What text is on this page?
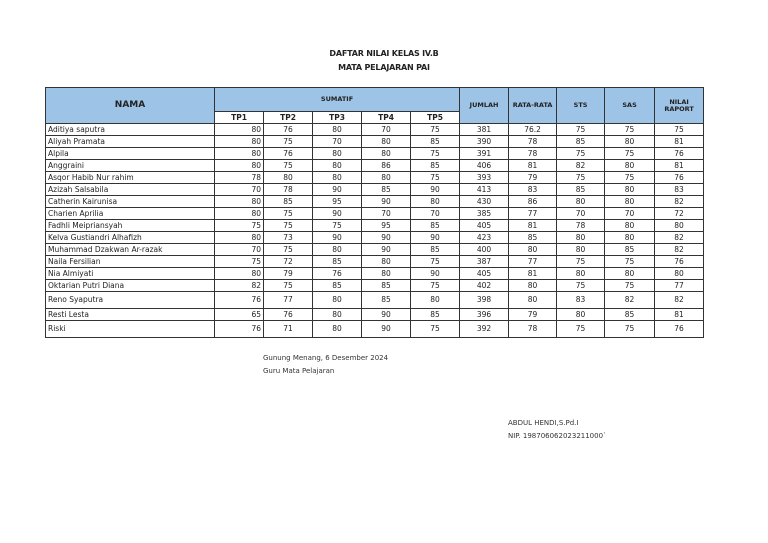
DAFTAR NILAI KELAS IV.B
MATA PELAJARAN PAI
NAMA	SUMATIF					JUMLAH	RATA-RATA	STS	SAS	NILAI RAPORT
	TP1	TP2	TP3	TP4	TP5					
Aditiya saputra	80	76	80	70	75	381	76.2	75	75	75
Aliyah Pramata	80	75	70	80	85	390	78	85	80	81
Alpila	80	76	80	80	75	391	78	75	75	76
Anggraini	80	75	80	86	85	406	81	82	80	81
Asqor Habib Nur rahim	78	80	80	80	75	393	79	75	75	76
Azizah Salsabila	70	78	90	85	90	413	83	85	80	83
Catherin Kairunisa	80	85	95	90	80	430	86	80	80	82
Charien Aprilia	80	75	90	70	70	385	77	70	70	72
Fadhli Meipriansyah	75	75	75	95	85	405	81	78	80	80
Kelva Gustiandri Alhafizh	80	73	90	90	90	423	85	80	80	82
Muhammad Dzakwan Ar-razak	70	75	80	90	85	400	80	80	85	82
Naila Fersilian	75	72	85	80	75	387	77	75	75	76
Nia Almiyati	80	79	76	80	90	405	81	80	80	80
Oktarian Putri Diana	82	75	85	85	75	402	80	75	75	77
Reno Syaputra	76	77	80	85	80	398	80	83	82	82
Resti Lesta	65	76	80	90	85	396	79	80	85	81
Riski	76	71	80	90	75	392	78	75	75	76
Gunung Menang, 6 Desember 2024
Guru Mata Pelajaran
ABDUL HENDI,S.Pd.I
NIP. 198706062023211000`
